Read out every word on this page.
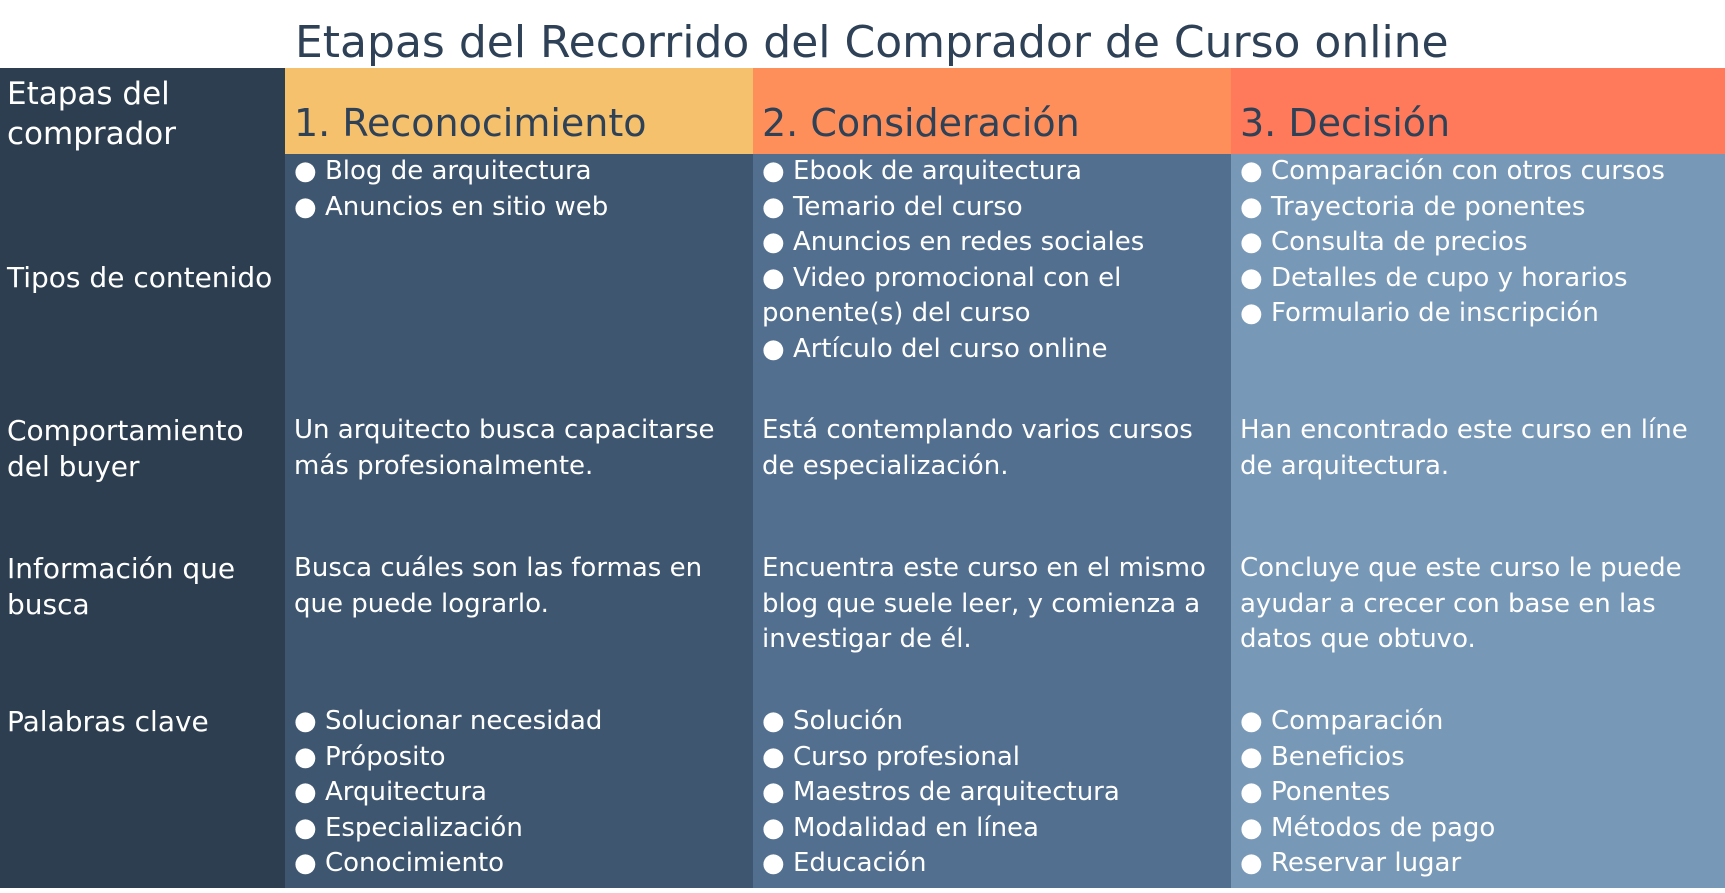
Etapas del Recorrido del Comprador de Curso online
Etapas del comprador
Tipos de contenido
Comportamiento del buyer
Información que busca
Palabras clave
1. Reconocimiento
● Blog de arquitectura
● Anuncios en sitio web
Un arquitecto busca capacitarse más profesionalmente.
Busca cuáles son las formas en que puede lograrlo.
● Solucionar necesidad
● Próposito
● Arquitectura
● Especialización
● Conocimiento
2. Consideración
● Ebook de arquitectura
● Temario del curso
● Anuncios en redes sociales
● Video promocional con el ponente(s) del curso
● Artículo del curso online
Está contemplando varios cursos de especialización.
Encuentra este curso en el mismo blog que suele leer, y comienza a investigar de él.
● Solución
● Curso profesional
● Maestros de arquitectura
● Modalidad en línea
● Educación
3. Decisión
● Comparación con otros cursos
● Trayectoria de ponentes
● Consulta de precios
● Detalles de cupo y horarios
● Formulario de inscripción
Han encontrado este curso en líne de arquitectura.
Concluye que este curso le puede ayudar a crecer con base en las datos que obtuvo.
● Comparación
● Beneficios
● Ponentes
● Métodos de pago
● Reservar lugar
